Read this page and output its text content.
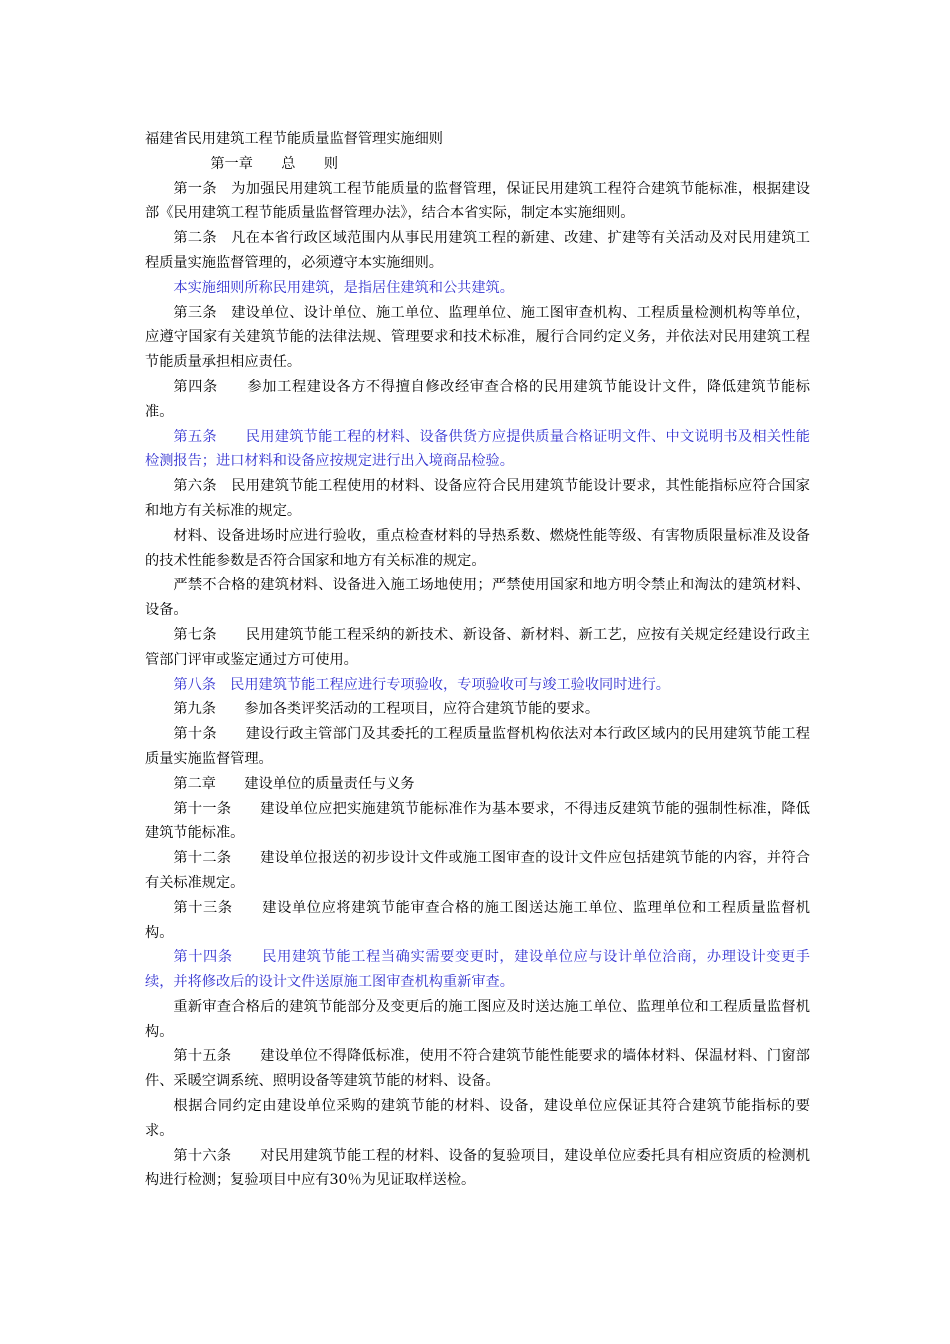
福建省民用建筑工程节能质量监督管理实施细则

第一章　　总　　则

第一条　为加强民用建筑工程节能质量的监督管理，保证民用建筑工程符合建筑节能标准，根据建设部《民用建筑工程节能质量监督管理办法》，结合本省实际，制定本实施细则。

第二条　凡在本省行政区域范围内从事民用建筑工程的新建、改建、扩建等有关活动及对民用建筑工程质量实施监督管理的，必须遵守本实施细则。

本实施细则所称民用建筑，是指居住建筑和公共建筑。

第三条　建设单位、设计单位、施工单位、监理单位、施工图审查机构、工程质量检测机构等单位，应遵守国家有关建筑节能的法律法规、管理要求和技术标准，履行合同约定义务，并依法对民用建筑工程节能质量承担相应责任。

第四条　　参加工程建设各方不得擅自修改经审查合格的民用建筑节能设计文件，降低建筑节能标准。

第五条　　民用建筑节能工程的材料、设备供货方应提供质量合格证明文件、中文说明书及相关性能检测报告；进口材料和设备应按规定进行出入境商品检验。

第六条　民用建筑节能工程使用的材料、设备应符合民用建筑节能设计要求，其性能指标应符合国家和地方有关标准的规定。

材料、设备进场时应进行验收，重点检查材料的导热系数、燃烧性能等级、有害物质限量标准及设备的技术性能参数是否符合国家和地方有关标准的规定。

严禁不合格的建筑材料、设备进入施工场地使用；严禁使用国家和地方明令禁止和淘汰的建筑材料、设备。

第七条　　民用建筑节能工程采纳的新技术、新设备、新材料、新工艺，应按有关规定经建设行政主管部门评审或鉴定通过方可使用。

第八条　民用建筑节能工程应进行专项验收，专项验收可与竣工验收同时进行。

第九条　　参加各类评奖活动的工程项目，应符合建筑节能的要求。

第十条　　建设行政主管部门及其委托的工程质量监督机构依法对本行政区域内的民用建筑节能工程质量实施监督管理。

第二章　　建设单位的质量责任与义务

第十一条　　建设单位应把实施建筑节能标准作为基本要求，不得违反建筑节能的强制性标准，降低建筑节能标准。

第十二条　　建设单位报送的初步设计文件或施工图审查的设计文件应包括建筑节能的内容，并符合有关标准规定。

第十三条　　建设单位应将建筑节能审查合格的施工图送达施工单位、监理单位和工程质量监督机构。

第十四条　　民用建筑节能工程当确实需要变更时，建设单位应与设计单位洽商，办理设计变更手续，并将修改后的设计文件送原施工图审查机构重新审查。

重新审查合格后的建筑节能部分及变更后的施工图应及时送达施工单位、监理单位和工程质量监督机构。

第十五条　　建设单位不得降低标准，使用不符合建筑节能性能要求的墙体材料、保温材料、门窗部件、采暖空调系统、照明设备等建筑节能的材料、设备。

根据合同约定由建设单位采购的建筑节能的材料、设备，建设单位应保证其符合建筑节能指标的要求。

第十六条　　对民用建筑节能工程的材料、设备的复验项目，建设单位应委托具有相应资质的检测机构进行检测；复验项目中应有30％为见证取样送检。
